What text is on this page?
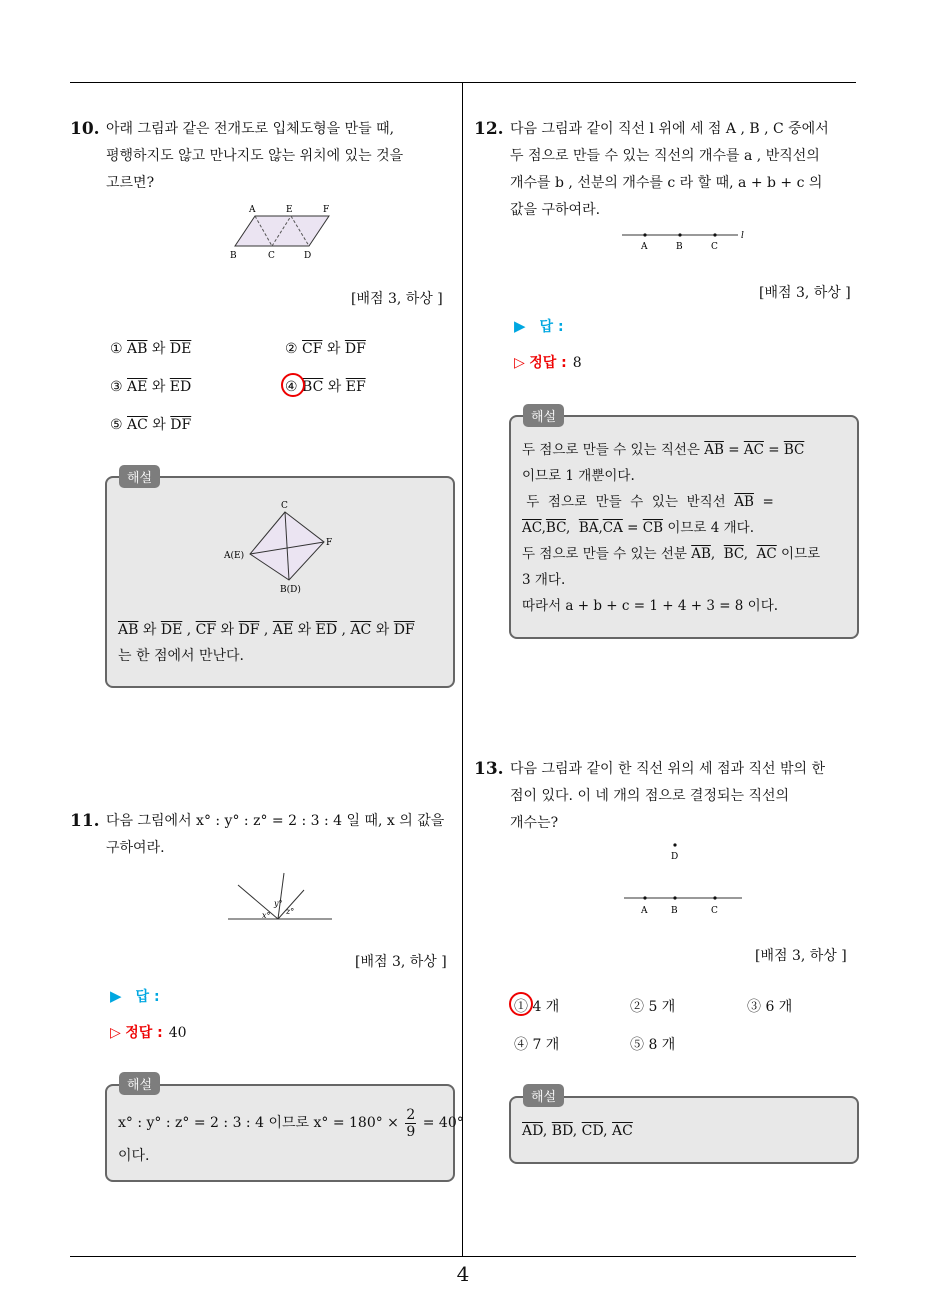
10. 아래 그림과 같은 전개도로 입체도형을 만들 때,
평행하지도 않고 만나지도 않는 위치에 있는 것을
고르면?
A	E	F
B	C	D
[배점 3, 하상 ]
① $\overline{AB}$ 와 $\overline{DE}$	② $\overline{CF}$ 와 $\overline{DF}$
③ $\overline{AE}$ 와 $\overline{ED}$	④ $\overline{BC}$ 와 $\overline{EF}$
⑤ $\overline{AC}$ 와 $\overline{DF}$
해설
C
F
A(E)
B(D)
$\overline{AB}$ 와 $\overline{DE}$ , $\overline{CF}$ 와 $\overline{DF}$ , $\overline{AE}$ 와 $\overline{ED}$ , $\overline{AC}$ 와 $\overline{DF}$
는 한 점에서 만난다.
11. 다음 그림에서 x° : y° : z° = 2 : 3 : 4 일 때, x 의 값을
구하여라.
x°
y°
z°
[배점 3, 하상 ]
▶ 답 :
▷ 정답 : 40
해설
x° : y° : z° = 2 : 3 : 4 이므로 $x^\circ = 180^\circ \times \frac{2}{9} = 40^\circ$
이다.
12. 다음 그림과 같이 직선 l 위에 세 점 A , B , C 중에서
두 점으로 만들 수 있는 직선의 개수를 a , 반직선의
개수를 b , 선분의 개수를 c 라 할 때, a + b + c 의
값을 구하여라.
A	B	C
l
[배점 3, 하상 ]
▶ 답 :
▷ 정답 : 8
해설
두 점으로 만들 수 있는 직선은 $\overline{AB} = \overline{AC} = \overline{BC}$
이므로 1 개뿐이다.
두  점으로  만들  수  있는  반직선  $\overline{AB}$  =
$\overline{AC},\overline{BC}$,  $\overline{BA},\overline{CA} = \overline{CB}$ 이므로 4 개다.
두 점으로 만들 수 있는 선분 $\overline{AB}$,  $\overline{BC}$,  $\overline{AC}$ 이므로
3 개다.
따라서 a + b + c = 1 + 4 + 3 = 8 이다.
13. 다음 그림과 같이 한 직선 위의 세 점과 직선 밖의 한
점이 있다. 이 네 개의 점으로 결정되는 직선의
개수는?
D
A	B	C
[배점 3, 하상 ]
① 4 개	② 5 개	③ 6 개
④ 7 개	⑤ 8 개
해설
$\overline{AD}$, $\overline{BD}$, $\overline{CD}$, $\overline{AC}$
4
